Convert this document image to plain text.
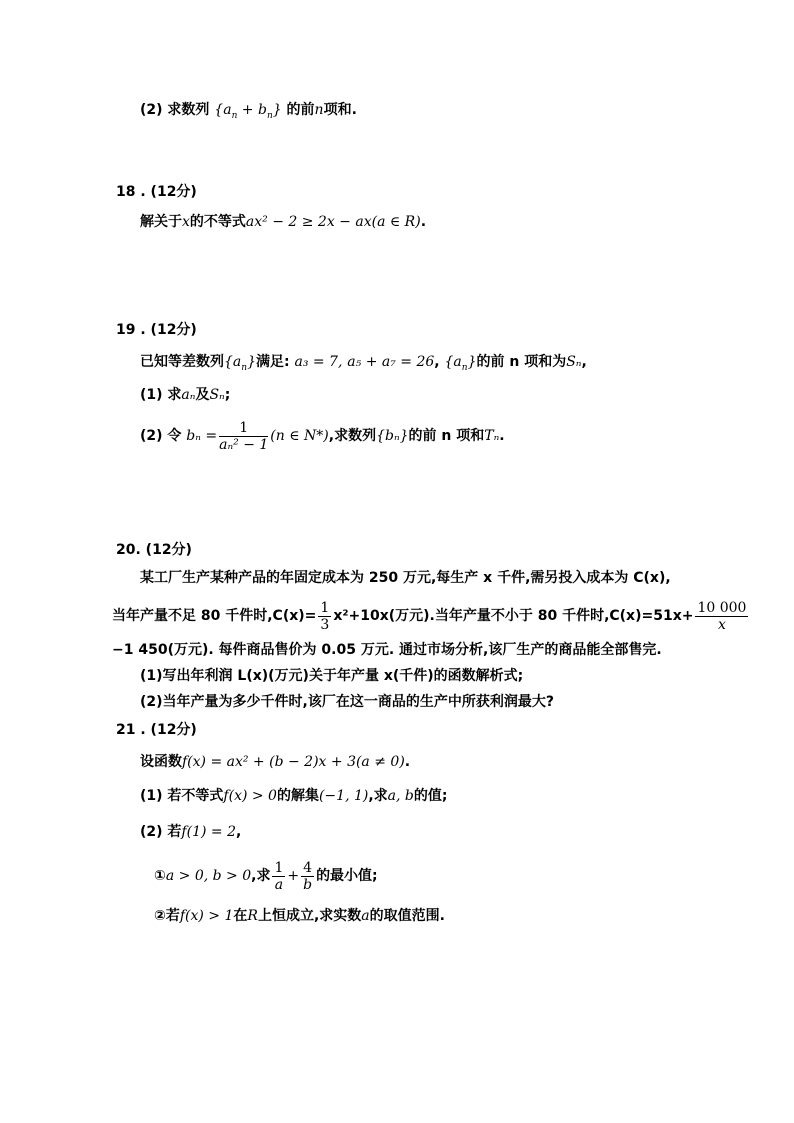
(2) 求数列 $\{a_n + b_n\}$ 的前n项和.
18 . (12分)
解关于x的不等式ax² − 2 ≥ 2x − ax(a ∈ R).
19 . (12分)
已知等差数列$\{a_n\}$满足: a₃ = 7, a₅ + a₇ = 26, $\{a_n\}$的前 n 项和为Sₙ,
(1) 求aₙ及Sₙ;
(2) 令 $b_n = \frac{1}{\text{aₙ² − 1}} (n$ ∈ N*),求数列{bₙ}的前 n 项和Tₙ.
20. (12分)
某工厂生产某种产品的年固定成本为 250 万元,每生产 x 千件,需另投入成本为 C(x),
当年产量不足 80 千件时$,C(x)= \frac{1}{3} x^2+10x$(万元).当年产量不小于 80 千件时$,C(x)=51x+ \frac{10 000}{x}$
−1 450(万元). 每件商品售价为 0.05 万元. 通过市场分析,该厂生产的商品能全部售完.
(1)写出年利润 L(x)(万元)关于年产量 x(千件)的函数解析式;
(2)当年产量为多少千件时,该厂在这一商品的生产中所获利润最大?
21 . (12分)
设函数f(x) = ax² + (b − 2)x + 3(a ≠ 0).
(1) 若不等式f(x) > 0的解集(−1, 1),求a, b的值;
(2) 若f(1) = 2,
①a > 0, b > 0,求 $\frac{1}{a} + \frac{4}{b}$ 的最小值;
②若f(x) > 1在R上恒成立,求实数a的取值范围.
